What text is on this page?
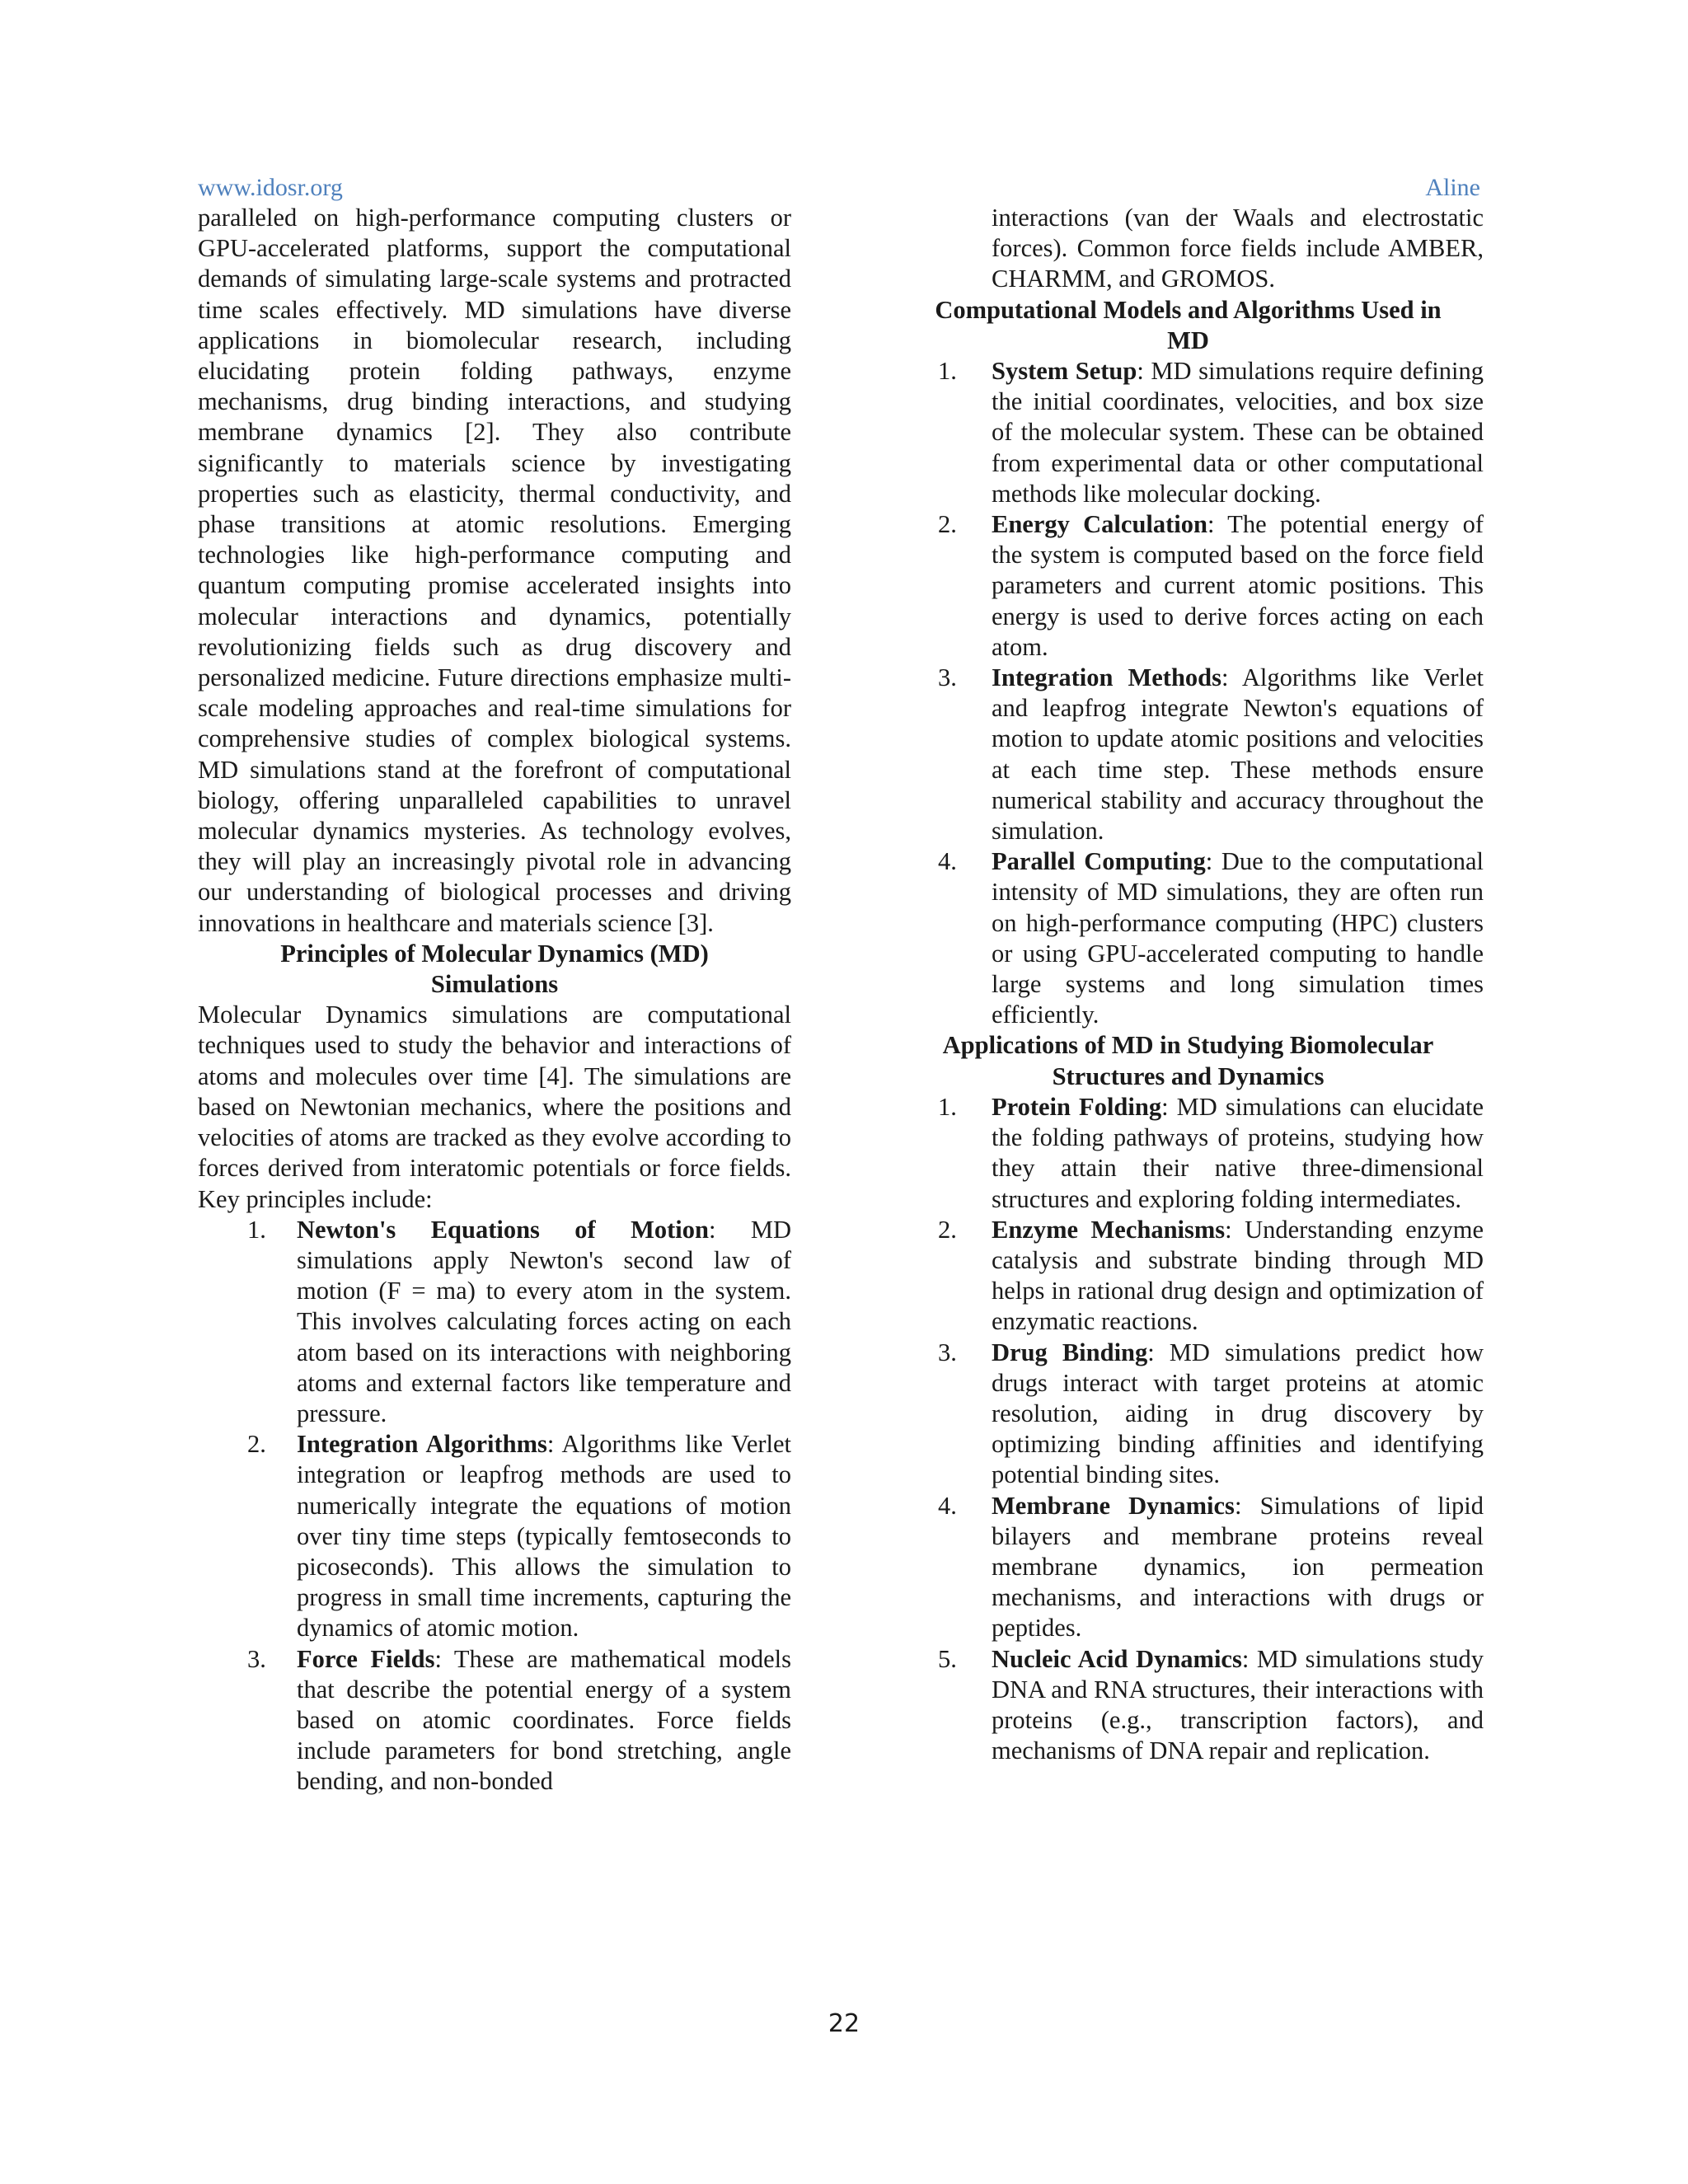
www.idosr.org	Aline

paralleled on high-performance computing clusters or GPU-accelerated platforms, support the computational demands of simulating large-scale systems and protracted time scales effectively. MD simulations have diverse applications in biomolecular research, including elucidating protein folding pathways, enzyme mechanisms, drug binding interactions, and studying membrane dynamics [2]. They also contribute significantly to materials science by investigating properties such as elasticity, thermal conductivity, and phase transitions at atomic resolutions. Emerging technologies like high-performance computing and quantum computing promise accelerated insights into molecular interactions and dynamics, potentially revolutionizing fields such as drug discovery and personalized medicine. Future directions emphasize multi-scale modeling approaches and real-time simulations for comprehensive studies of complex biological systems. MD simulations stand at the forefront of computational biology, offering unparalleled capabilities to unravel molecular dynamics mysteries. As technology evolves, they will play an increasingly pivotal role in advancing our understanding of biological processes and driving innovations in healthcare and materials science [3].

Principles of Molecular Dynamics (MD)
Simulations

Molecular Dynamics simulations are computational techniques used to study the behavior and interactions of atoms and molecules over time [4]. The simulations are based on Newtonian mechanics, where the positions and velocities of atoms are tracked as they evolve according to forces derived from interatomic potentials or force fields. Key principles include:

1.	Newton's Equations of Motion: MD simulations apply Newton's second law of motion (F = ma) to every atom in the system. This involves calculating forces acting on each atom based on its interactions with neighboring atoms and external factors like temperature and pressure.
2.	Integration Algorithms: Algorithms like Verlet integration or leapfrog methods are used to numerically integrate the equations of motion over tiny time steps (typically femtoseconds to picoseconds). This allows the simulation to progress in small time increments, capturing the dynamics of atomic motion.
3.	Force Fields: These are mathematical models that describe the potential energy of a system based on atomic coordinates. Force fields include parameters for bond stretching, angle bending, and non-bonded

interactions (van der Waals and electrostatic forces). Common force fields include AMBER, CHARMM, and GROMOS.

Computational Models and Algorithms Used in
MD
1.	System Setup: MD simulations require defining the initial coordinates, velocities, and box size of the molecular system. These can be obtained from experimental data or other computational methods like molecular docking.
2.	Energy Calculation: The potential energy of the system is computed based on the force field parameters and current atomic positions. This energy is used to derive forces acting on each atom.
3.	Integration Methods: Algorithms like Verlet and leapfrog integrate Newton's equations of motion to update atomic positions and velocities at each time step. These methods ensure numerical stability and accuracy throughout the simulation.
4.	Parallel Computing: Due to the computational intensity of MD simulations, they are often run on high-performance computing (HPC) clusters or using GPU-accelerated computing to handle large systems and long simulation times efficiently.
Applications of MD in Studying Biomolecular
Structures and Dynamics
1.	Protein Folding: MD simulations can elucidate the folding pathways of proteins, studying how they attain their native three-dimensional structures and exploring folding intermediates.
2.	Enzyme Mechanisms: Understanding enzyme catalysis and substrate binding through MD helps in rational drug design and optimization of enzymatic reactions.
3.	Drug Binding: MD simulations predict how drugs interact with target proteins at atomic resolution, aiding in drug discovery by optimizing binding affinities and identifying potential binding sites.
4.	Membrane Dynamics: Simulations of lipid bilayers and membrane proteins reveal membrane dynamics, ion permeation mechanisms, and interactions with drugs or peptides.
5.	Nucleic Acid Dynamics: MD simulations study DNA and RNA structures, their interactions with proteins (e.g., transcription factors), and mechanisms of DNA repair and replication.
22
